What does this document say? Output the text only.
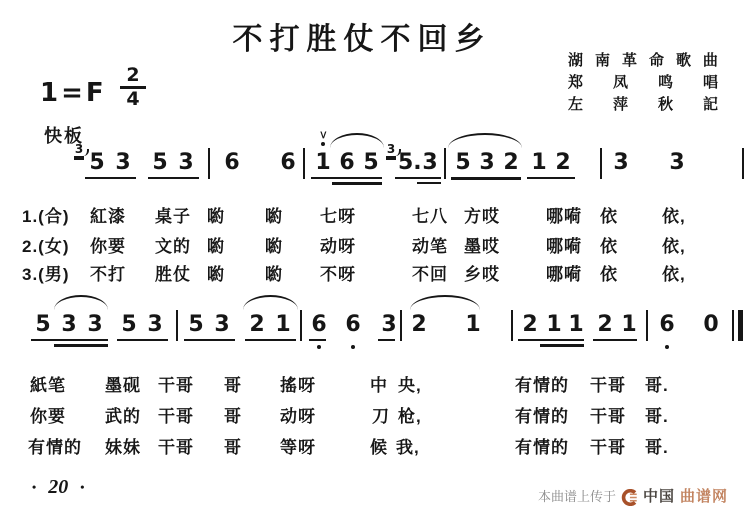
不打胜仗不回乡
湖 南 革 命 歌 曲
郑 凤 鸣 唱
左 萍 秋 記
1=F
2
4
快板
3
5 3 5 3 6 6 1
>
6 5
3
5. 3 5 3 2 1 2 3 3
5 3 3 5 3 5 3 2 1 6 6 3 2 1 2 1 1 2 1 6 0
1.(合) 紅漆 桌子 喲 喲 七呀	七八 方哎	哪嗬 依	依,
2.(女) 你要 文的 喲 喲 动呀	动笔 墨哎	哪嗬 依	依,
3.(男) 不打 胜仗 喲 喲 不呀	不回 乡哎	哪嗬 依	依,
紙笔 墨砚 干哥 哥 搖呀	中 央,	有情的 干哥 哥.
你要 武的 干哥 哥 动呀	刀 枪,	有情的 干哥 哥.
有情的 妹妹 干哥 哥 等呀	候 我,	有情的 干哥 哥.
• 20 •
本曲谱上传于 中国 曲谱网
